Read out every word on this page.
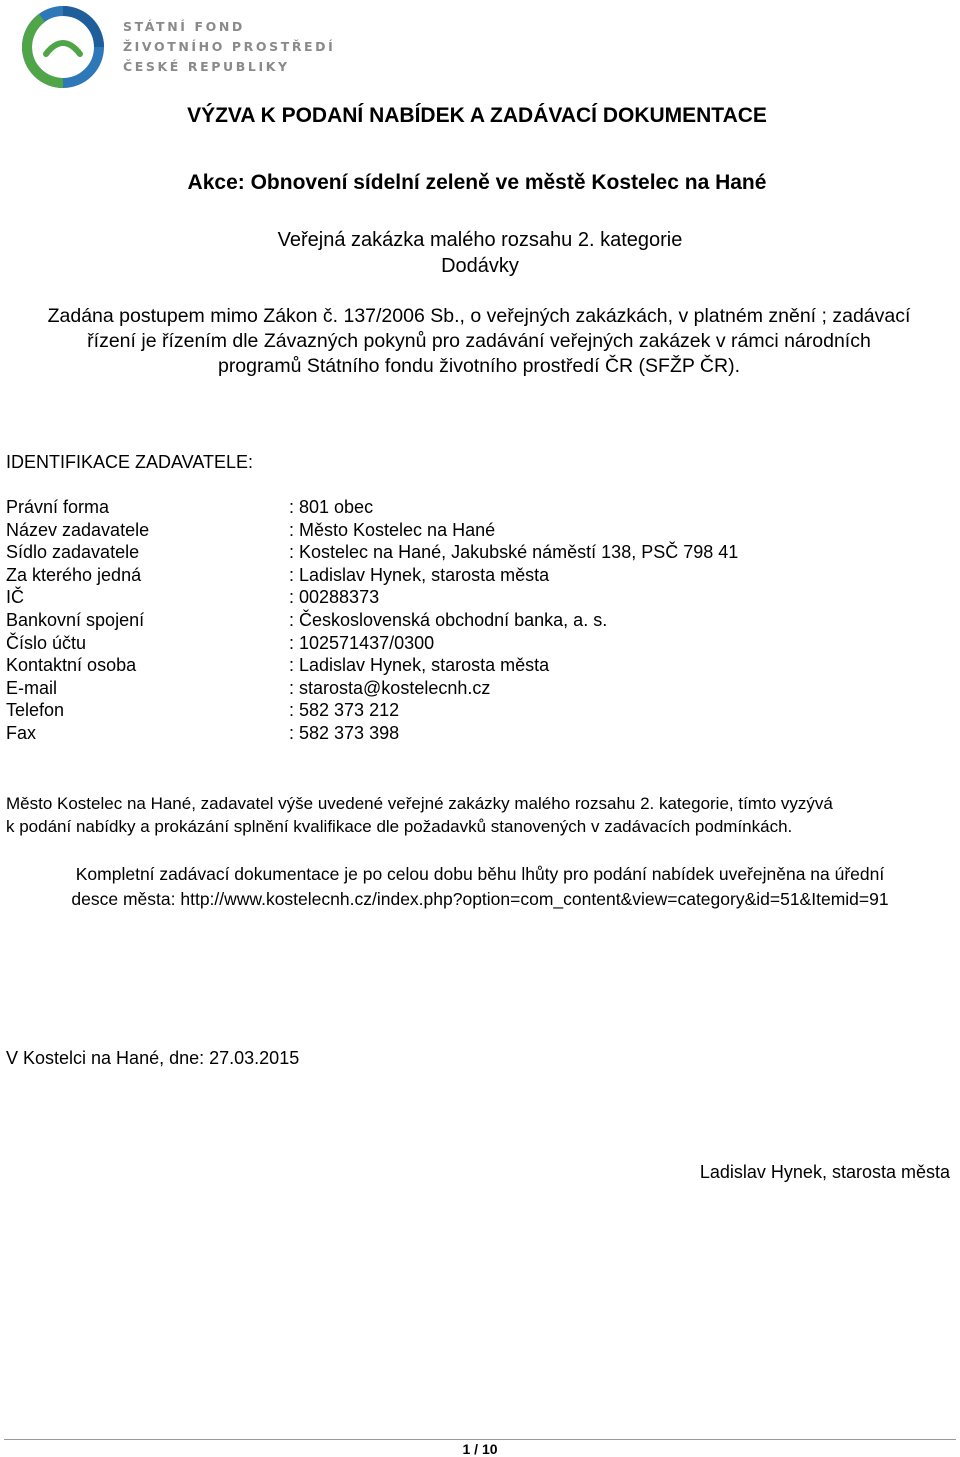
STÁTNÍ FOND
ŽIVOTNÍHO PROSTŘEDÍ
ČESKÉ REPUBLIKY
VÝZVA K PODANÍ NABÍDEK A ZADÁVACÍ DOKUMENTACE
Akce: Obnovení sídelní zeleně ve městě Kostelec na Hané
Veřejná zakázka malého rozsahu 2. kategorie
Dodávky
Zadána postupem mimo Zákon č. 137/2006 Sb., o veřejných zakázkách, v platném znění ; zadávací
řízení je řízením dle Závazných pokynů pro zadávání veřejných zakázek v rámci národních
programů Státního fondu životního prostředí ČR (SFŽP ČR).
IDENTIFIKACE ZADAVATELE:
Právní forma	: 801 obec
Název zadavatele	: Město Kostelec na Hané
Sídlo zadavatele	: Kostelec na Hané, Jakubské náměstí 138, PSČ 798 41
Za kterého jedná	: Ladislav Hynek, starosta města
IČ	: 00288373
Bankovní spojení	: Československá obchodní banka, a. s.
Číslo účtu	: 102571437/0300
Kontaktní osoba	: Ladislav Hynek, starosta města
E-mail	: starosta@kostelecnh.cz
Telefon	: 582 373 212
Fax	: 582 373 398
Město Kostelec na Hané, zadavatel výše uvedené veřejné zakázky malého rozsahu 2. kategorie, tímto vyzývá
k podání nabídky a prokázání splnění kvalifikace dle požadavků stanovených v zadávacích podmínkách.
Kompletní zadávací dokumentace je po celou dobu běhu lhůty pro podání nabídek uveřejněna na úřední
desce města: http://www.kostelecnh.cz/index.php?option=com_content&view=category&id=51&Itemid=91
V Kostelci na Hané, dne: 27.03.2015
Ladislav Hynek, starosta města
1 / 10
